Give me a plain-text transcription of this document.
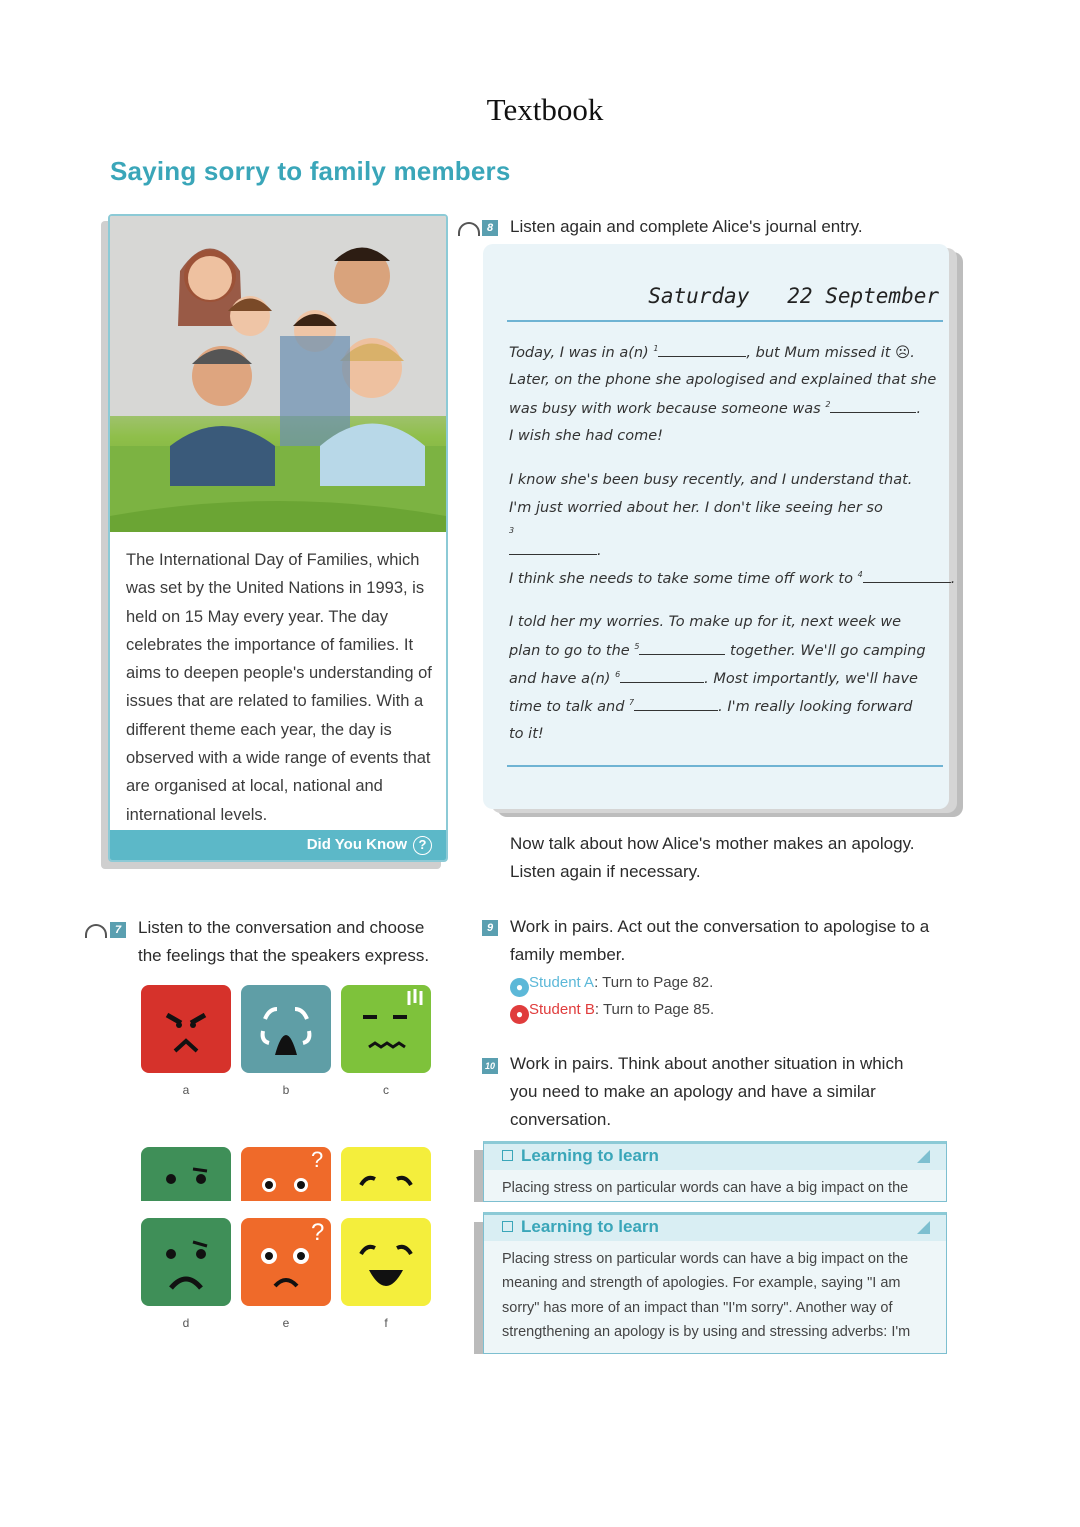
Textbook
Saying sorry to family members
The International Day of Families, which was set by the United Nations in 1993, is held on 15 May every year. The day celebrates the importance of families. It aims to deepen people's understanding of issues that are related to families. With a different theme each year, the day is observed with a wide range of events that are organised at local, national and international levels.
Did You Know ?
8 Listen again and complete Alice's journal entry.
Saturday 22 September
Today, I was in a(n) $^1$	, but Mum missed it ☹.
Later, on the phone she apologised and explained that she
was busy with work because someone was $^2$	.
I wish she had come!
I know she's been busy recently, and I understand that.
I'm just worried about her. I don't like seeing her so
$^3$
.
I think she needs to take some time off work to $^4$	.
I told her my worries. To make up for it, next week we
plan to go to the $^5$	together. We'll go camping
and have a(n) $^6$	. Most importantly, we'll have
time to talk and $^7$	. I'm really looking forward
to it!
Now talk about how Alice's mother makes an apology.
Listen again if necessary.
7 Listen to the conversation and choose
the feelings that the speakers express.
a	b	c
?
?
d	e	f
9 Work in pairs. Act out the conversation to apologise to a
family member.
● Student A: Turn to Page 82.
● Student B: Turn to Page 85.
10 Work in pairs. Think about another situation in which
you need to make an apology and have a similar
conversation.
Learning to learn
Placing stress on particular words can have a big impact on the
Learning to learn
Placing stress on particular words can have a big impact on the
meaning and strength of apologies. For example, saying "I am
sorry" has more of an impact than "I'm sorry". Another way of
strengthening an apology is by using and stressing adverbs: I'm
